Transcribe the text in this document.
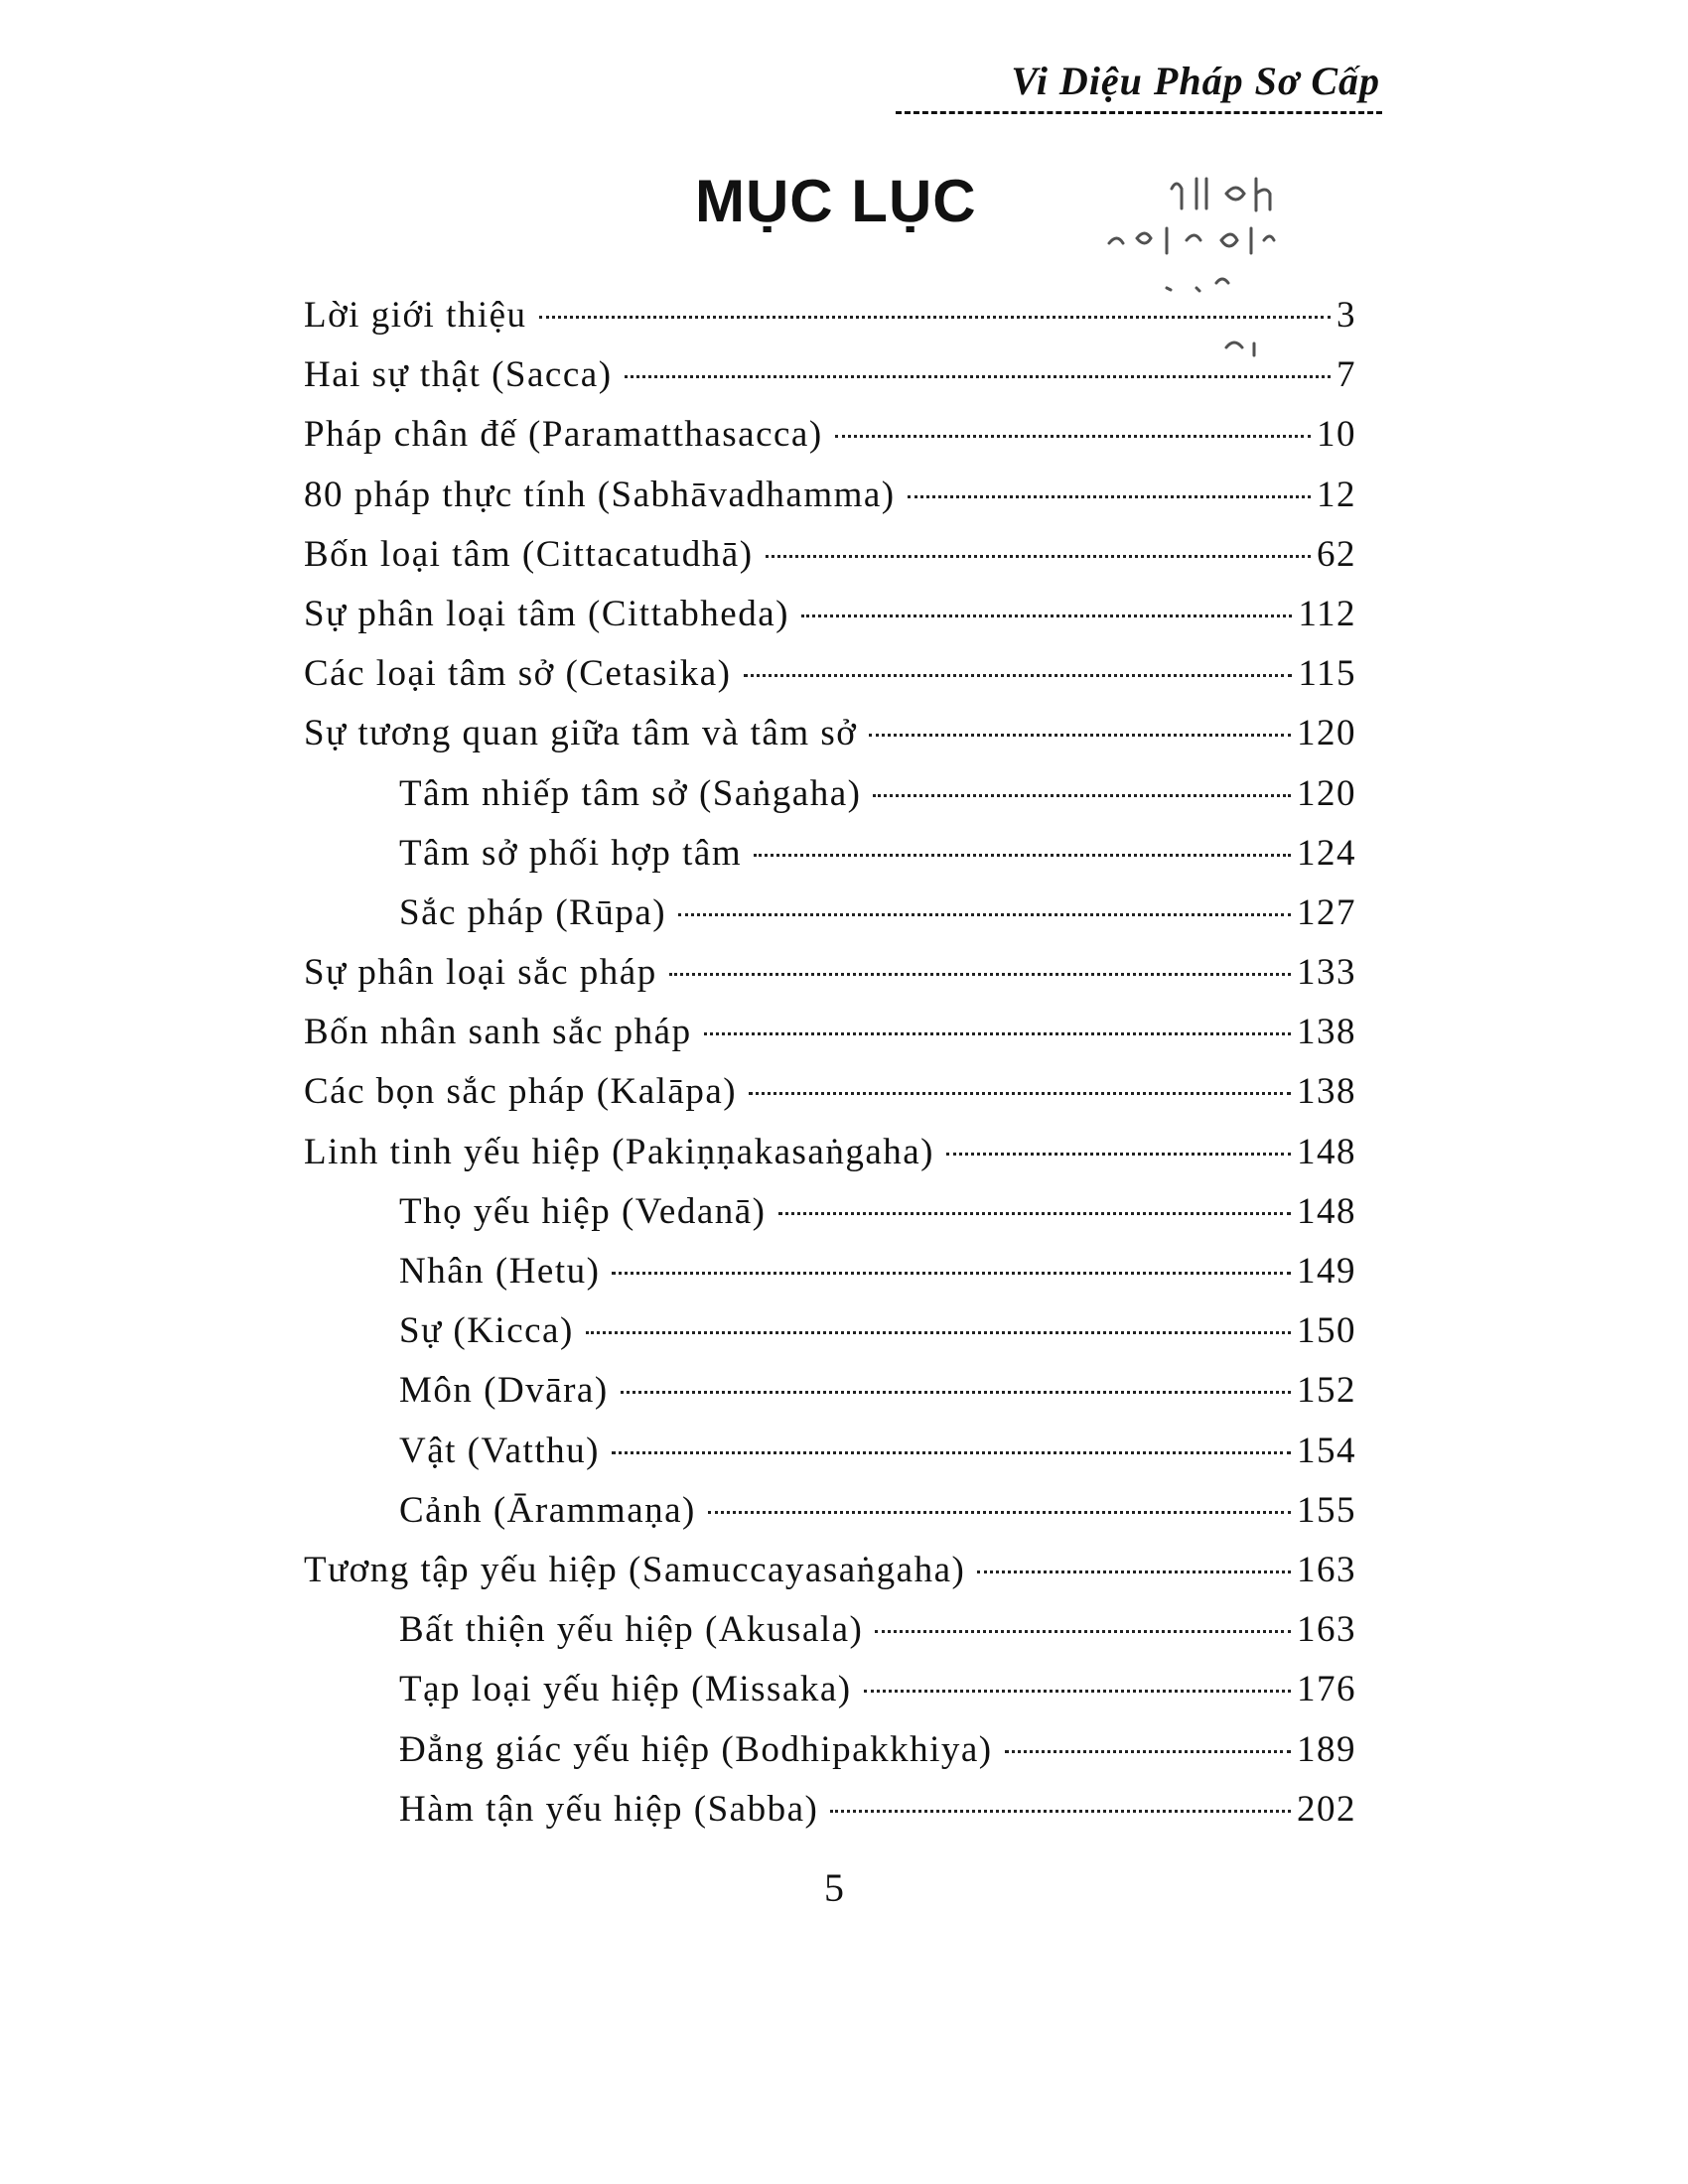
Vi Diệu Pháp Sơ Cấp
MỤC LỤC
Lời giới thiệu	3
Hai sự thật (Sacca)	7
Pháp chân đế (Paramatthasacca)	10
80 pháp thực tính (Sabhāvadhamma)	12
Bốn loại tâm (Cittacatudhā)	62
Sự phân loại tâm (Cittabheda)	112
Các loại tâm sở (Cetasika)	115
Sự tương quan giữa tâm và tâm sở	120
Tâm nhiếp tâm sở (Saṅgaha)	120
Tâm sở phối hợp tâm	124
Sắc pháp (Rūpa)	127
Sự phân loại sắc pháp	133
Bốn nhân sanh sắc pháp	138
Các bọn sắc pháp (Kalāpa)	138
Linh tinh yếu hiệp (Pakiṇṇakasaṅgaha)	148
Thọ yếu hiệp (Vedanā)	148
Nhân (Hetu)	149
Sự (Kicca)	150
Môn (Dvāra)	152
Vật (Vatthu)	154
Cảnh (Ārammaṇa)	155
Tương tập yếu hiệp (Samuccayasaṅgaha)	163
Bất thiện yếu hiệp (Akusala)	163
Tạp loại yếu hiệp (Missaka)	176
Đẳng giác yếu hiệp (Bodhipakkhiya)	189
Hàm tận yếu hiệp (Sabba)	202
5
